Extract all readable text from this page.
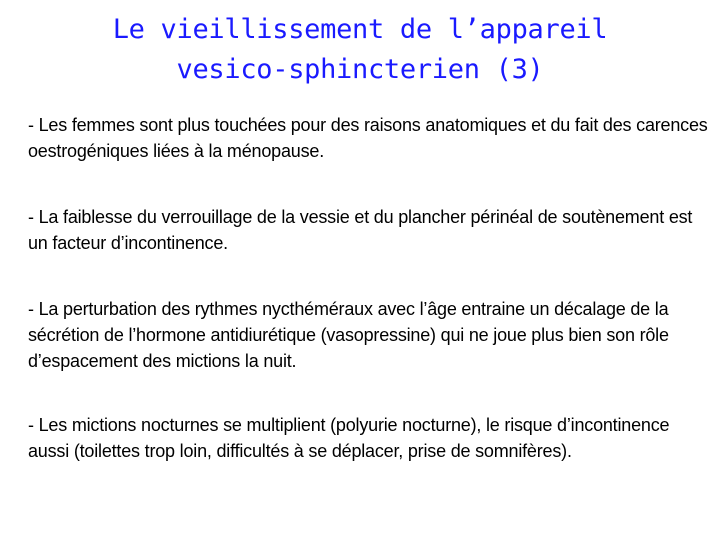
Le vieillissement de l’appareil
vesico-sphincterien (3)

- Les femmes sont plus touchées pour des raisons anatomiques et du fait des carences oestrogéniques liées à la ménopause.

- La faiblesse du verrouillage de la vessie et du plancher périnéal de soutènement est un facteur d’incontinence.

- La perturbation des rythmes nycthéméraux avec l’âge entraine un décalage de la sécrétion de l’hormone antidiurétique (vasopressine) qui ne joue plus bien son rôle d’espacement des mictions la nuit.

- Les mictions nocturnes se multiplient (polyurie nocturne), le risque d’incontinence aussi (toilettes trop loin, difficultés à se déplacer, prise de somnifères).
